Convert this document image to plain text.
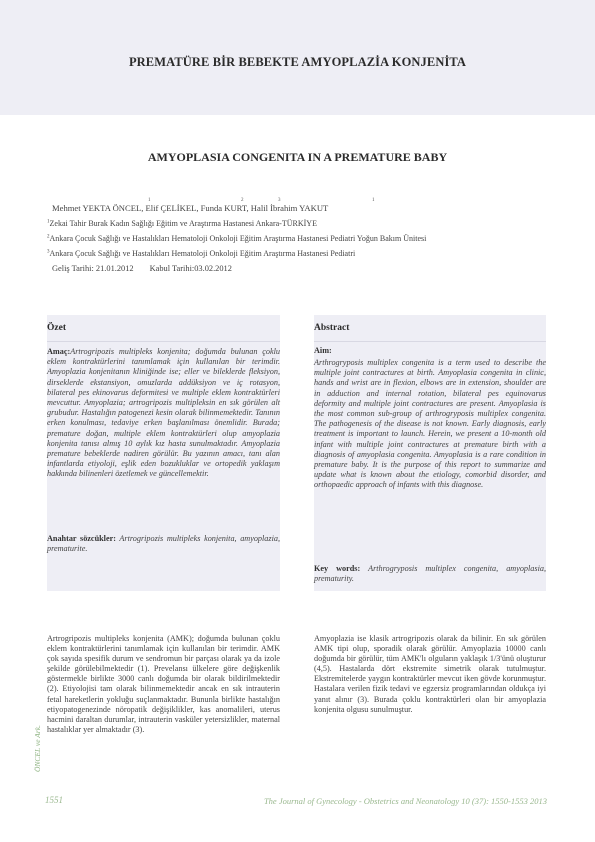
PREMATÜRE BİR BEBEKTE AMYOPLAZİA KONJENİTA
AMYOPLASIA CONGENITA IN A PREMATURE BABY
1	2	3	1
Mehmet YEKTA ÖNCEL, Elif ÇELİKEL, Funda KURT, Halil İbrahim YAKUT
$^1$Zekai Tahir Burak Kadın Sağlığı Eğitim ve Araştırma Hastanesi Ankara-TÜRKİYE
$^2$Ankara Çocuk Sağlığı ve Hastalıkları Hematoloji Onkoloji Eğitim Araştırma Hastanesi Pediatri Yoğun Bakım Ünitesi
$^3$Ankara Çocuk Sağlığı ve Hastalıkları Hematoloji Onkoloji Eğitim Araştırma Hastanesi Pediatri
Geliş Tarihi: 21.01.2012 Kabul Tarihi:03.02.2012
Özet
Amaç:Artrogripozis multipleks konjenita; doğumda bulunan çoklu eklem kontraktürlerini tanımlamak için kullanılan bir terimdir. Amyoplazia konjenitanın kliniğinde ise; eller ve bileklerde fleksiyon, dirseklerde ekstansiyon, omuzlarda addüksiyon ve iç rotasyon, bilateral pes ekinovarus deformitesi ve multiple eklem kontraktürleri mevcuttur. Amyoplazia; artrogripozis multipleksin en sık görülen alt grubudur. Hastalığın patogenezi kesin olarak bilinmemektedir. Tanının erken konulması, tedaviye erken başlanılması önemlidir. Burada; premature doğan, multiple eklem kontraktürleri olup amyoplazia konjenita tanısı almış 10 aylık kız hasta sunulmaktadır. Amyoplazia premature bebeklerde nadiren görülür. Bu yazının amacı, tanı alan infantlarda etiyoloji, eşlik eden bozukluklar ve ortopedik yaklaşım hakkında bilinenleri özetlemek ve güncellemektir.
Anahtar sözcükler: Artrogripozis multipleks konjenita, amyoplazia, prematurite.
Abstract
Aim:
Arthrogryposis multiplex congenita is a term used to describe the multiple joint contractures at birth. Amyoplasia congenita in clinic, hands and wrist are in flexion, elbows are in extension, shoulder are in adduction and internal rotation, bilateral pes equinovarus deformity and multiple joint contractures are present. Amyoplasia is the most common sub-group of arthrogryposis multiplex congenita. The pathogenesis of the disease is not known. Early diagnosis, early treatment is important to launch. Herein, we present a 10-month old infant with multiple joint contractures at premature birth with a diagnosis of amyoplasia congenita. Amyoplasia is a rare condition in premature baby. It is the purpose of this report to summarize and update what is known about the etiology, comorbid disorder, and orthopaedic approach of infants with this diagnose.
Key words: Arthrogryposis multiplex congenita, amyoplasia, prematurity.
Artrogripozis multipleks konjenita (AMK); doğumda bulunan çoklu eklem kontraktürlerini tanımlamak için kullanılan bir terimdir. AMK çok sayıda spesifik durum ve sendromun bir parçası olarak ya da izole şekilde görülebilmektedir (1). Prevelansı ülkelere göre değişkenlik göstermekle birlikte 3000 canlı doğumda bir olarak bildirilmektedir (2). Etiyolojisi tam olarak bilinmemektedir ancak en sık intrauterin fetal hareketlerin yokluğu suçlanmaktadır. Bununla birlikte hastalığın etiyopatogenezinde nöropatik değişiklikler, kas anomalileri, uterus hacmini daraltan durumlar, intrauterin vasküler yetersizlikler, maternal hastalıklar yer almaktadır (3).
Amyoplazia ise klasik artrogripozis olarak da bilinir. En sık görülen AMK tipi olup, sporadik olarak görülür. Amyoplazia 10000 canlı doğumda bir görülür, tüm AMK'lı olguların yaklaşık 1/3'ünü oluşturur (4,5). Hastalarda dört ekstremite simetrik olarak tutulmuştur. Ekstremitelerde yaygın kontraktürler mevcut iken gövde korunmuştur. Hastalara verilen fizik tedavi ve egzersiz programlarından oldukça iyi yanıt alınır (3). Burada çoklu kontraktürleri olan bir amyoplazia konjenita olgusu sunulmuştur.
ÖNCEL ve Ark.
1551	The Journal of Gynecology - Obstetrics and Neonatology 10 (37): 1550-1553 2013
